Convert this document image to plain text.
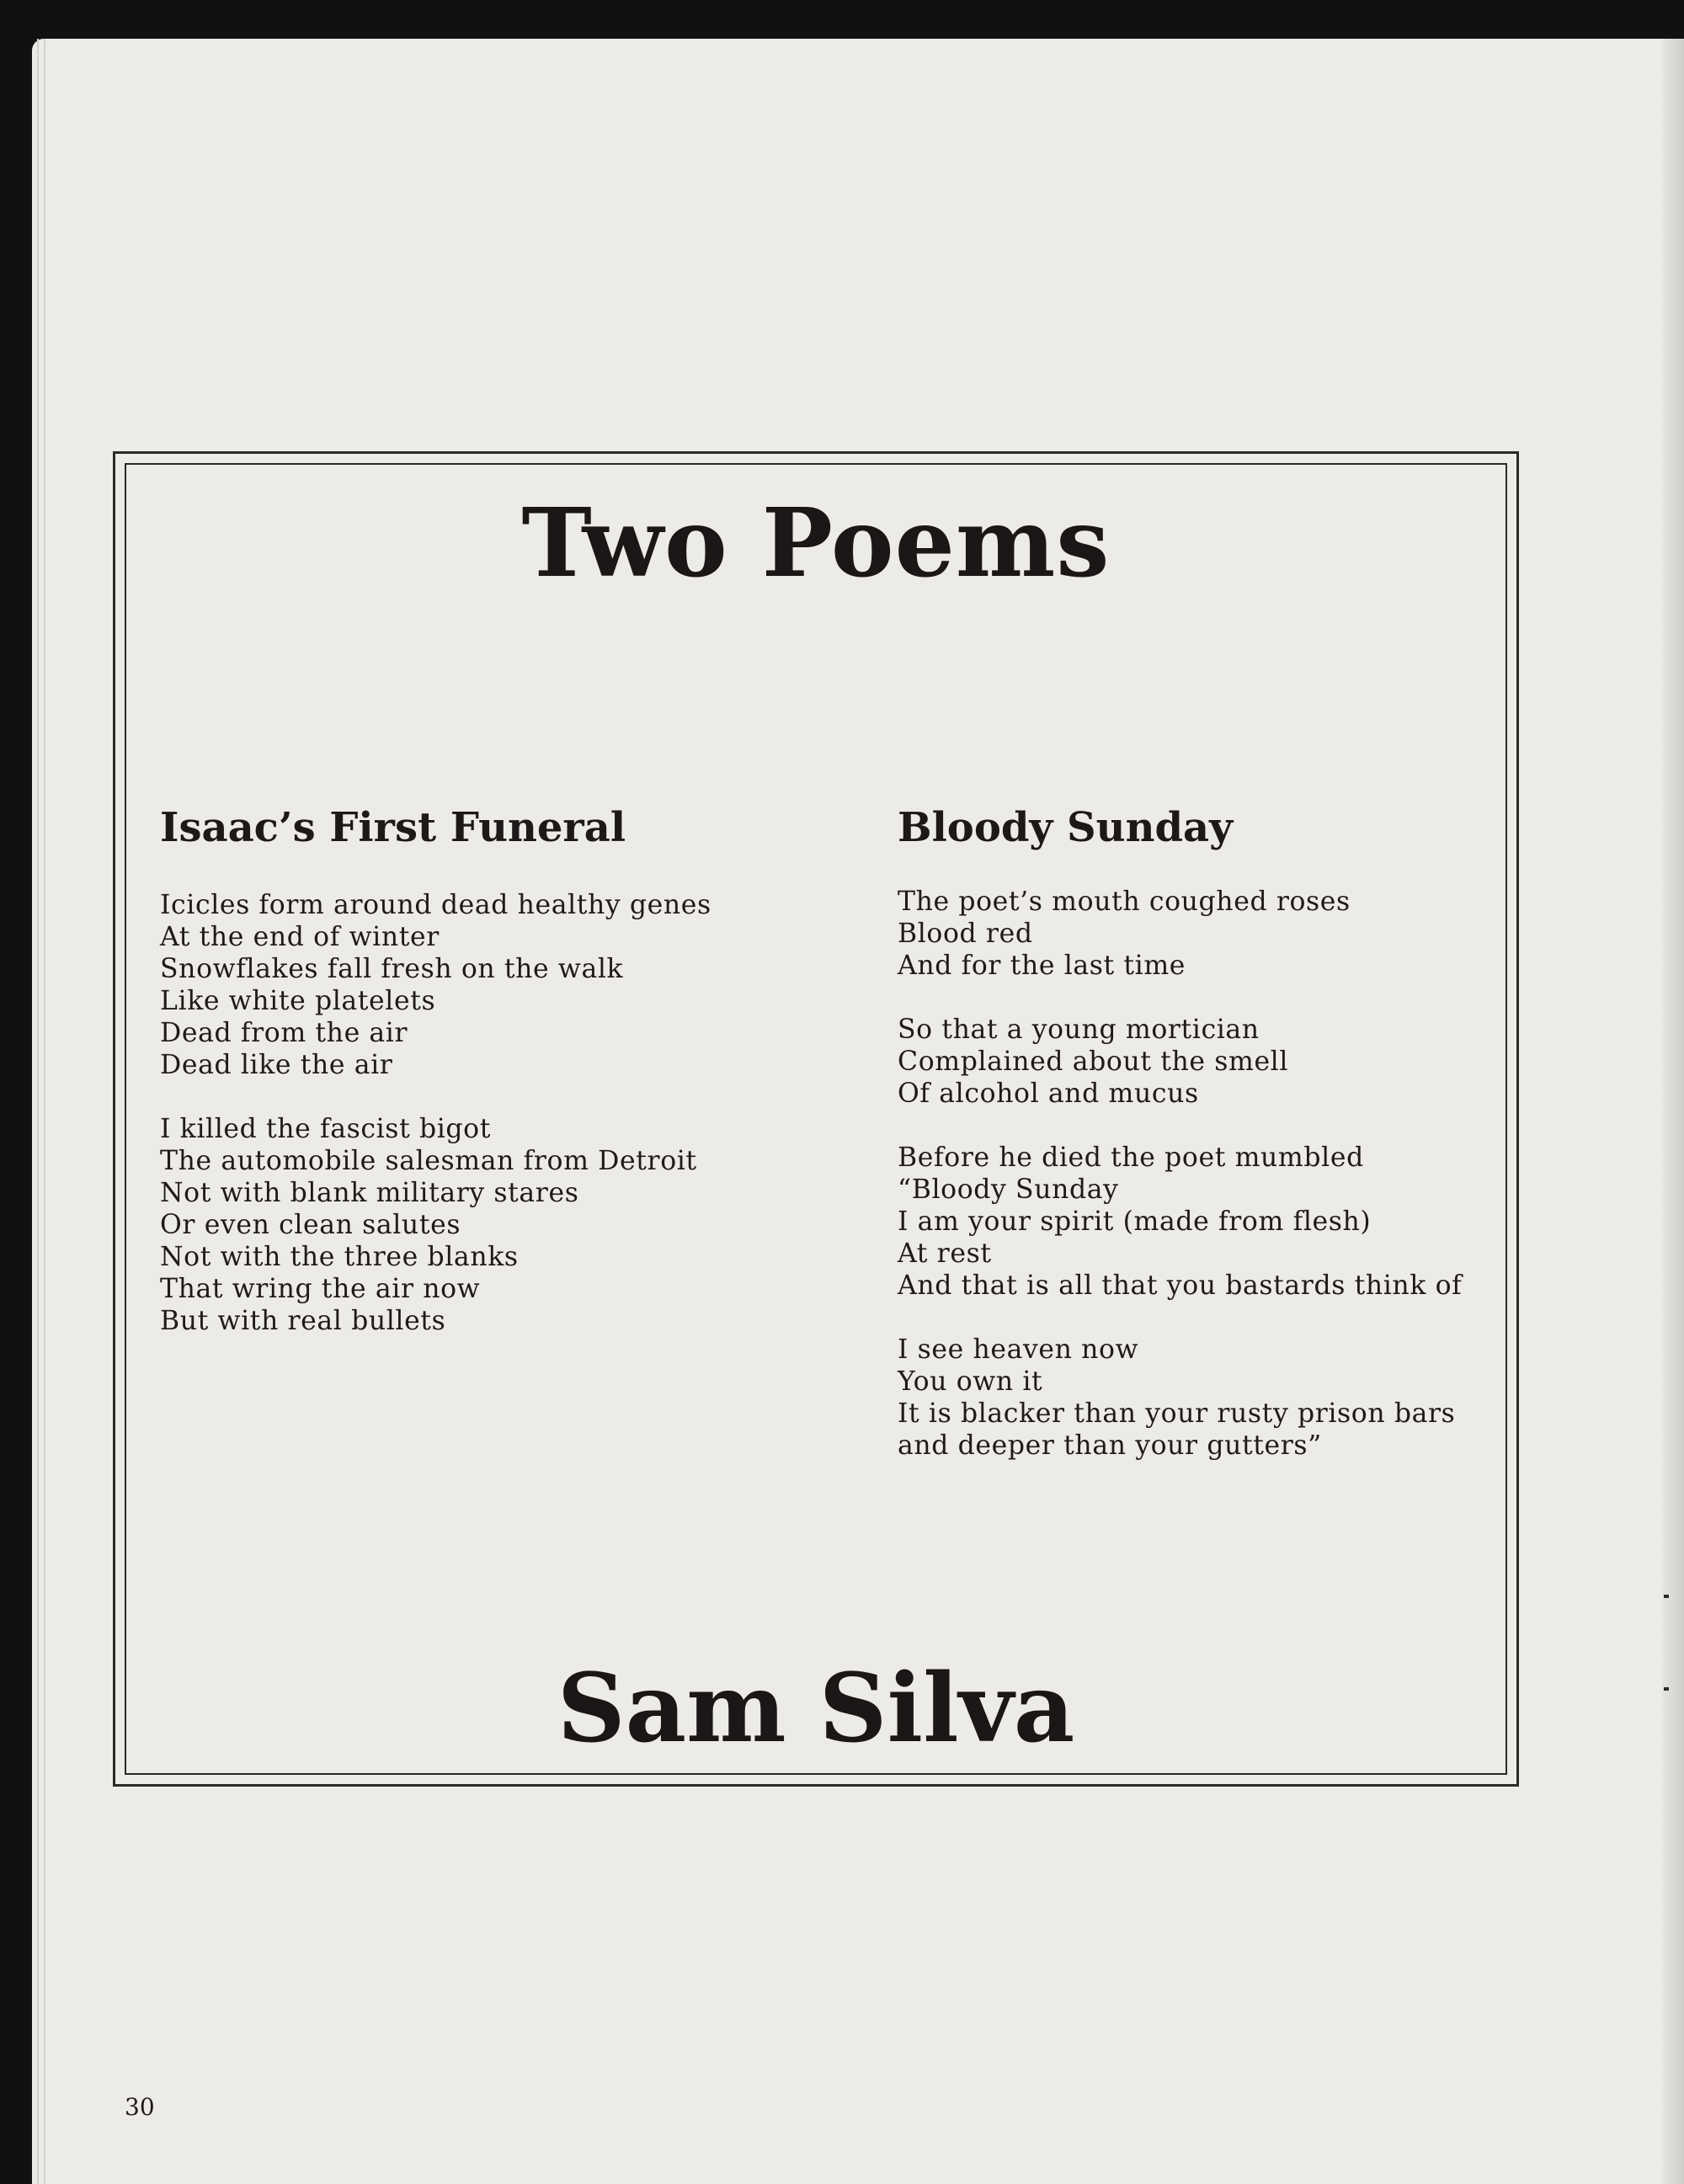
Two Poems
Isaac’s First Funeral
Icicles form around dead healthy genes
At the end of winter
Snowflakes fall fresh on the walk
Like white platelets
Dead from the air
Dead like the air
I killed the fascist bigot
The automobile salesman from Detroit
Not with blank military stares
Or even clean salutes
Not with the three blanks
That wring the air now
But with real bullets
Bloody Sunday
The poet’s mouth coughed roses
Blood red
And for the last time
So that a young mortician
Complained about the smell
Of alcohol and mucus
Before he died the poet mumbled
“Bloody Sunday
I am your spirit (made from flesh)
At rest
And that is all that you bastards think of
I see heaven now
You own it
It is blacker than your rusty prison bars
and deeper than your gutters”
Sam Silva
30
